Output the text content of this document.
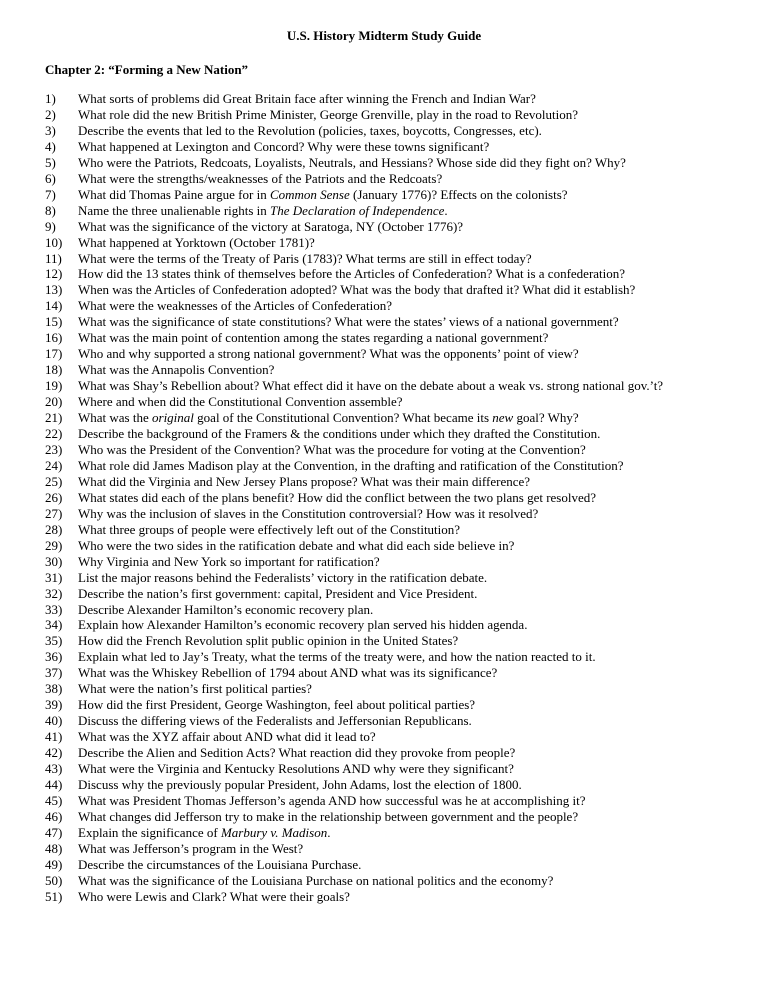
U.S. History Midterm Study Guide
Chapter 2: “Forming a New Nation”
1)	What sorts of problems did Great Britain face after winning the French and Indian War?
2)	What role did the new British Prime Minister, George Grenville, play in the road to Revolution?
3)	Describe the events that led to the Revolution (policies, taxes, boycotts, Congresses, etc).
4)	What happened at Lexington and Concord? Why were these towns significant?
5)	Who were the Patriots, Redcoats, Loyalists, Neutrals, and Hessians? Whose side did they fight on? Why?
6)	What were the strengths/weaknesses of the Patriots and the Redcoats?
7)	What did Thomas Paine argue for in Common Sense (January 1776)? Effects on the colonists?
8)	Name the three unalienable rights in The Declaration of Independence.
9)	What was the significance of the victory at Saratoga, NY (October 1776)?
10)	What happened at Yorktown (October 1781)?
11)	What were the terms of the Treaty of Paris (1783)? What terms are still in effect today?
12)	How did the 13 states think of themselves before the Articles of Confederation? What is a confederation?
13)	When was the Articles of Confederation adopted? What was the body that drafted it? What did it establish?
14)	What were the weaknesses of the Articles of Confederation?
15)	What was the significance of state constitutions? What were the states’ views of a national government?
16)	What was the main point of contention among the states regarding a national government?
17)	Who and why supported a strong national government? What was the opponents’ point of view?
18)	What was the Annapolis Convention?
19)	What was Shay’s Rebellion about? What effect did it have on the debate about a weak vs. strong national gov.’t?
20)	Where and when did the Constitutional Convention assemble?
21)	What was the original goal of the Constitutional Convention? What became its new goal? Why?
22)	Describe the background of the Framers & the conditions under which they drafted the Constitution.
23)	Who was the President of the Convention? What was the procedure for voting at the Convention?
24)	What role did James Madison play at the Convention, in the drafting and ratification of the Constitution?
25)	What did the Virginia and New Jersey Plans propose? What was their main difference?
26)	What states did each of the plans benefit? How did the conflict between the two plans get resolved?
27)	Why was the inclusion of slaves in the Constitution controversial? How was it resolved?
28)	What three groups of people were effectively left out of the Constitution?
29)	Who were the two sides in the ratification debate and what did each side believe in?
30)	Why Virginia and New York so important for ratification?
31)	List the major reasons behind the Federalists’ victory in the ratification debate.
32)	Describe the nation’s first government: capital, President and Vice President.
33)	Describe Alexander Hamilton’s economic recovery plan.
34)	Explain how Alexander Hamilton’s economic recovery plan served his hidden agenda.
35)	How did the French Revolution split public opinion in the United States?
36)	Explain what led to Jay’s Treaty, what the terms of the treaty were, and how the nation reacted to it.
37)	What was the Whiskey Rebellion of 1794 about AND what was its significance?
38)	What were the nation’s first political parties?
39)	How did the first President, George Washington, feel about political parties?
40)	Discuss the differing views of the Federalists and Jeffersonian Republicans.
41)	What was the XYZ affair about AND what did it lead to?
42)	Describe the Alien and Sedition Acts? What reaction did they provoke from people?
43)	What were the Virginia and Kentucky Resolutions AND why were they significant?
44)	Discuss why the previously popular President, John Adams, lost the election of 1800.
45)	What was President Thomas Jefferson’s agenda AND how successful was he at accomplishing it?
46)	What changes did Jefferson try to make in the relationship between government and the people?
47)	Explain the significance of Marbury v. Madison.
48)	What was Jefferson’s program in the West?
49)	Describe the circumstances of the Louisiana Purchase.
50)	What was the significance of the Louisiana Purchase on national politics and the economy?
51)	Who were Lewis and Clark? What were their goals?
